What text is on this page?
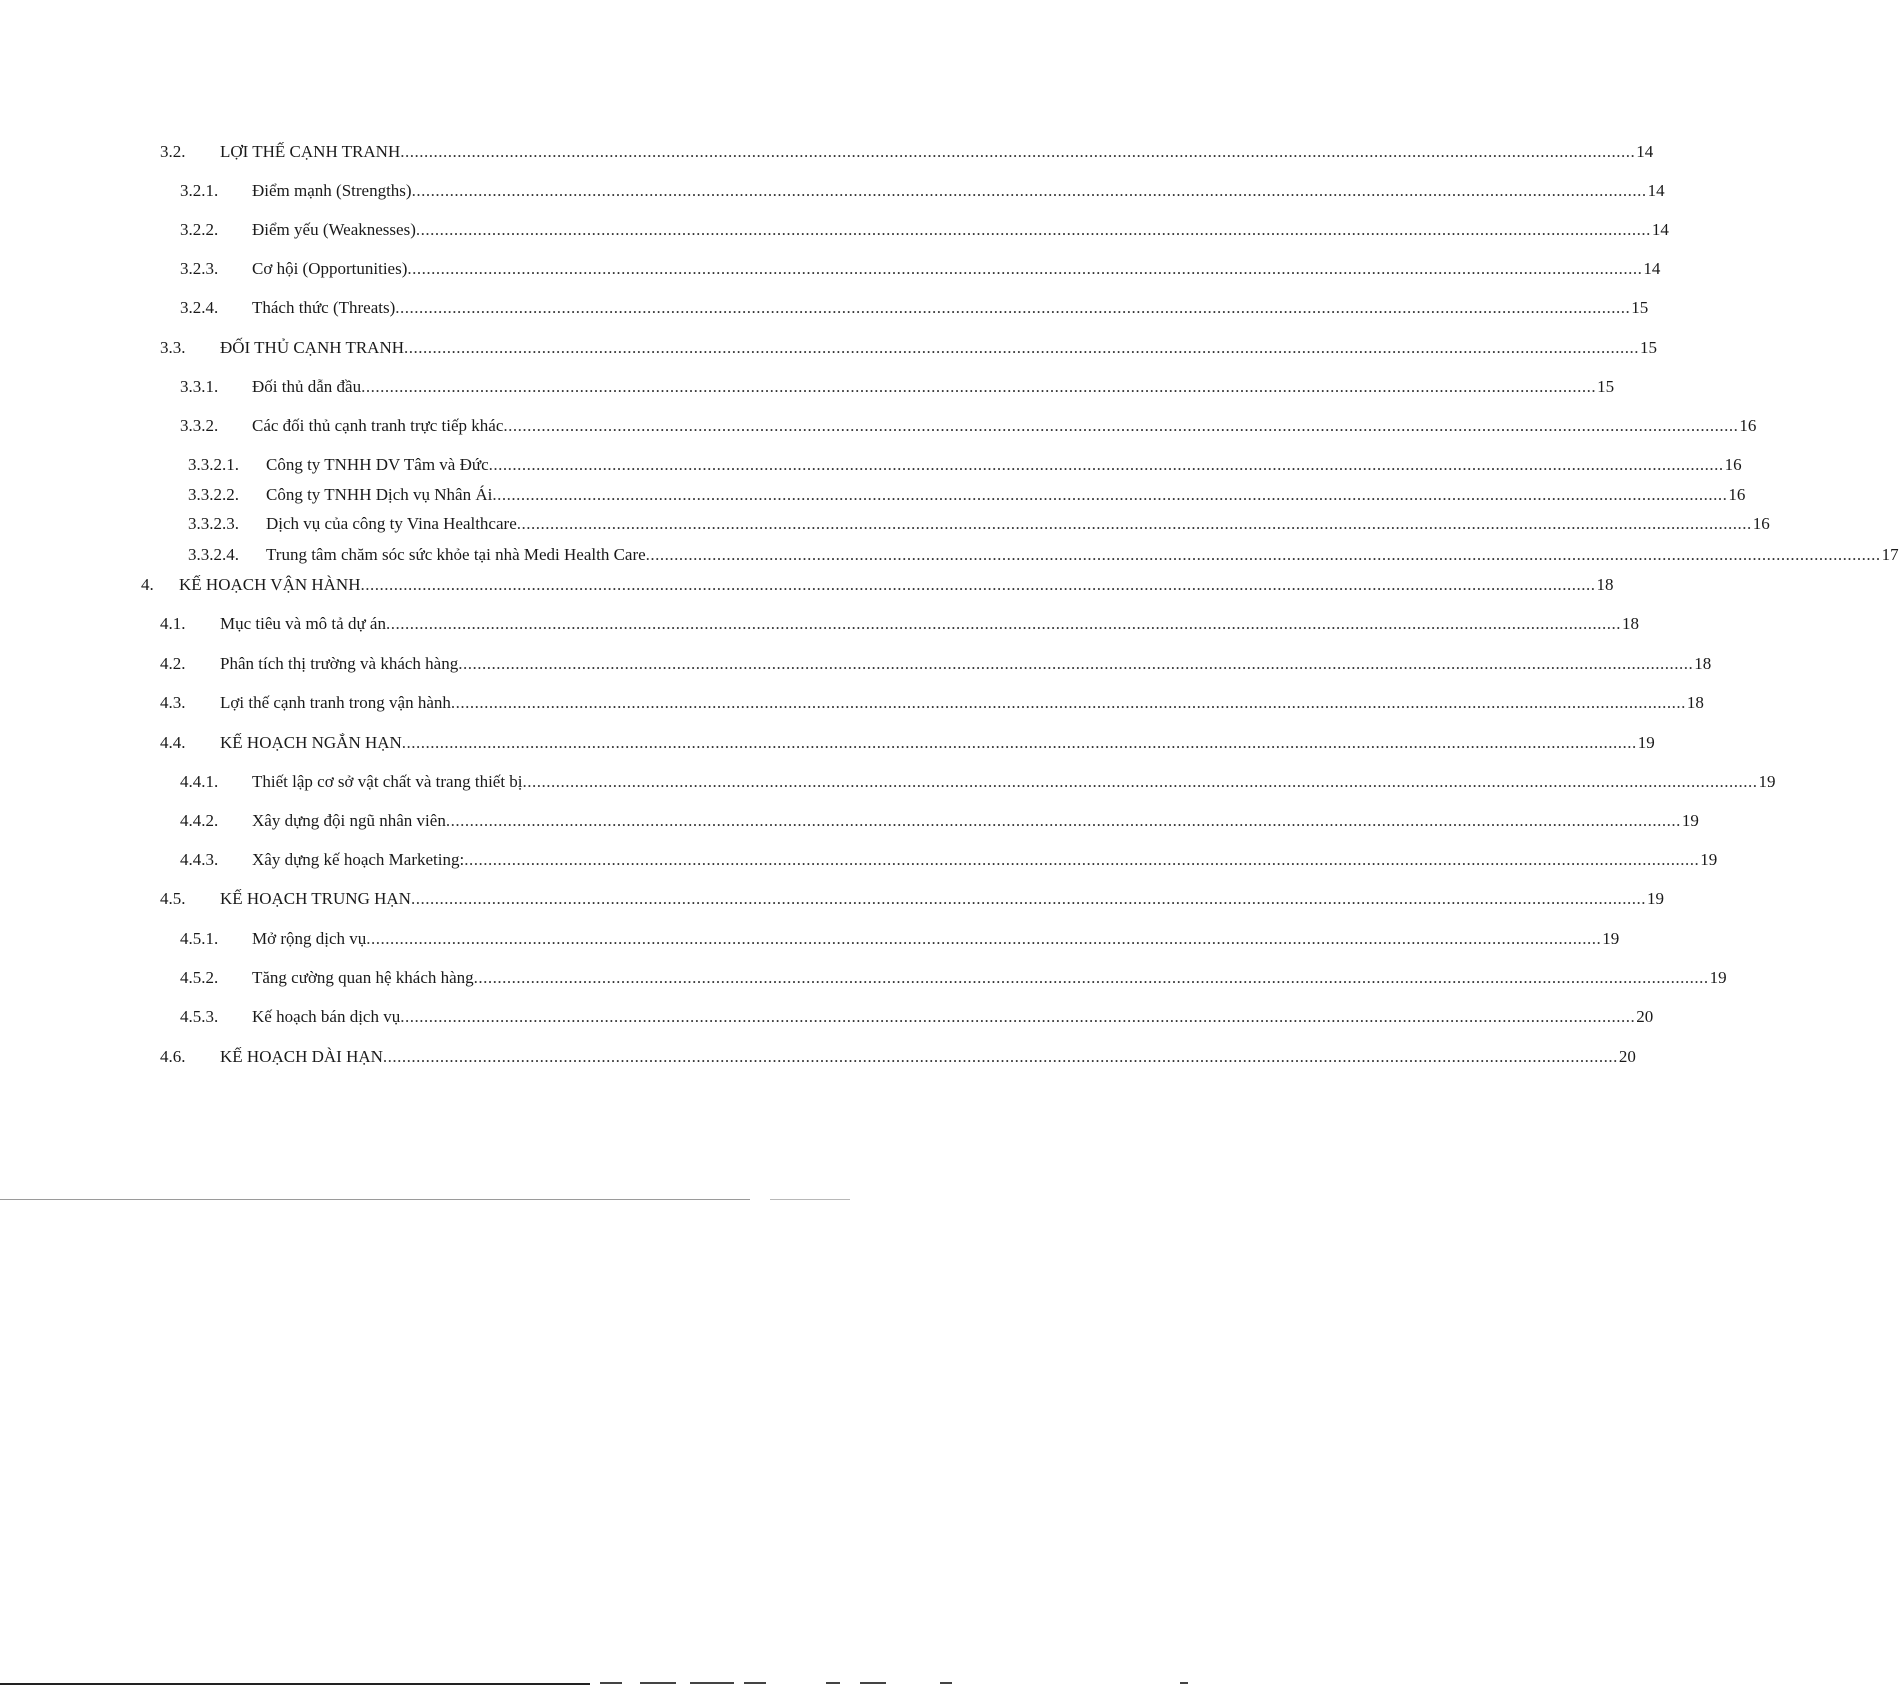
3.2.	LỢI THẾ CẠNH TRANH .................................................................................................................................................................................................................................................................... 14
3.2.1.	Điểm mạnh (Strengths) .................................................................................................................................................................................................................................................................... 14
3.2.2.	Điểm yếu (Weaknesses) .................................................................................................................................................................................................................................................................... 14
3.2.3.	Cơ hội (Opportunities) .................................................................................................................................................................................................................................................................... 14
3.2.4.	Thách thức (Threats) .................................................................................................................................................................................................................................................................... 15
3.3.	ĐỐI THỦ CẠNH TRANH .................................................................................................................................................................................................................................................................... 15
3.3.1.	Đối thủ dẫn đầu .................................................................................................................................................................................................................................................................... 15
3.3.2.	Các đối thủ cạnh tranh trực tiếp khác .................................................................................................................................................................................................................................................................... 16
3.3.2.1.	Công ty TNHH DV Tâm và Đức .................................................................................................................................................................................................................................................................... 16
3.3.2.2.	Công ty TNHH Dịch vụ Nhân Ái .................................................................................................................................................................................................................................................................... 16
3.3.2.3.	Dịch vụ của công ty Vina Healthcare .................................................................................................................................................................................................................................................................... 16
3.3.2.4.	Trung tâm chăm sóc sức khỏe tại nhà Medi Health Care .................................................................................................................................................................................................................................................................... 17
4.	KẾ HOẠCH VẬN HÀNH .................................................................................................................................................................................................................................................................... 18
4.1.	Mục tiêu và mô tả dự án .................................................................................................................................................................................................................................................................... 18
4.2.	Phân tích thị trường và khách hàng .................................................................................................................................................................................................................................................................... 18
4.3.	Lợi thế cạnh tranh trong vận hành .................................................................................................................................................................................................................................................................... 18
4.4.	KẾ HOẠCH NGẮN HẠN .................................................................................................................................................................................................................................................................... 19
4.4.1.	Thiết lập cơ sở vật chất và trang thiết bị .................................................................................................................................................................................................................................................................... 19
4.4.2.	Xây dựng đội ngũ nhân viên .................................................................................................................................................................................................................................................................... 19
4.4.3.	Xây dựng kế hoạch Marketing: .................................................................................................................................................................................................................................................................... 19
4.5.	KẾ HOẠCH TRUNG HẠN .................................................................................................................................................................................................................................................................... 19
4.5.1.	Mở rộng dịch vụ .................................................................................................................................................................................................................................................................... 19
4.5.2.	Tăng cường quan hệ khách hàng .................................................................................................................................................................................................................................................................... 19
4.5.3.	Kế hoạch bán dịch vụ .................................................................................................................................................................................................................................................................... 20
4.6.	KẾ HOẠCH DÀI HẠN .................................................................................................................................................................................................................................................................... 20
